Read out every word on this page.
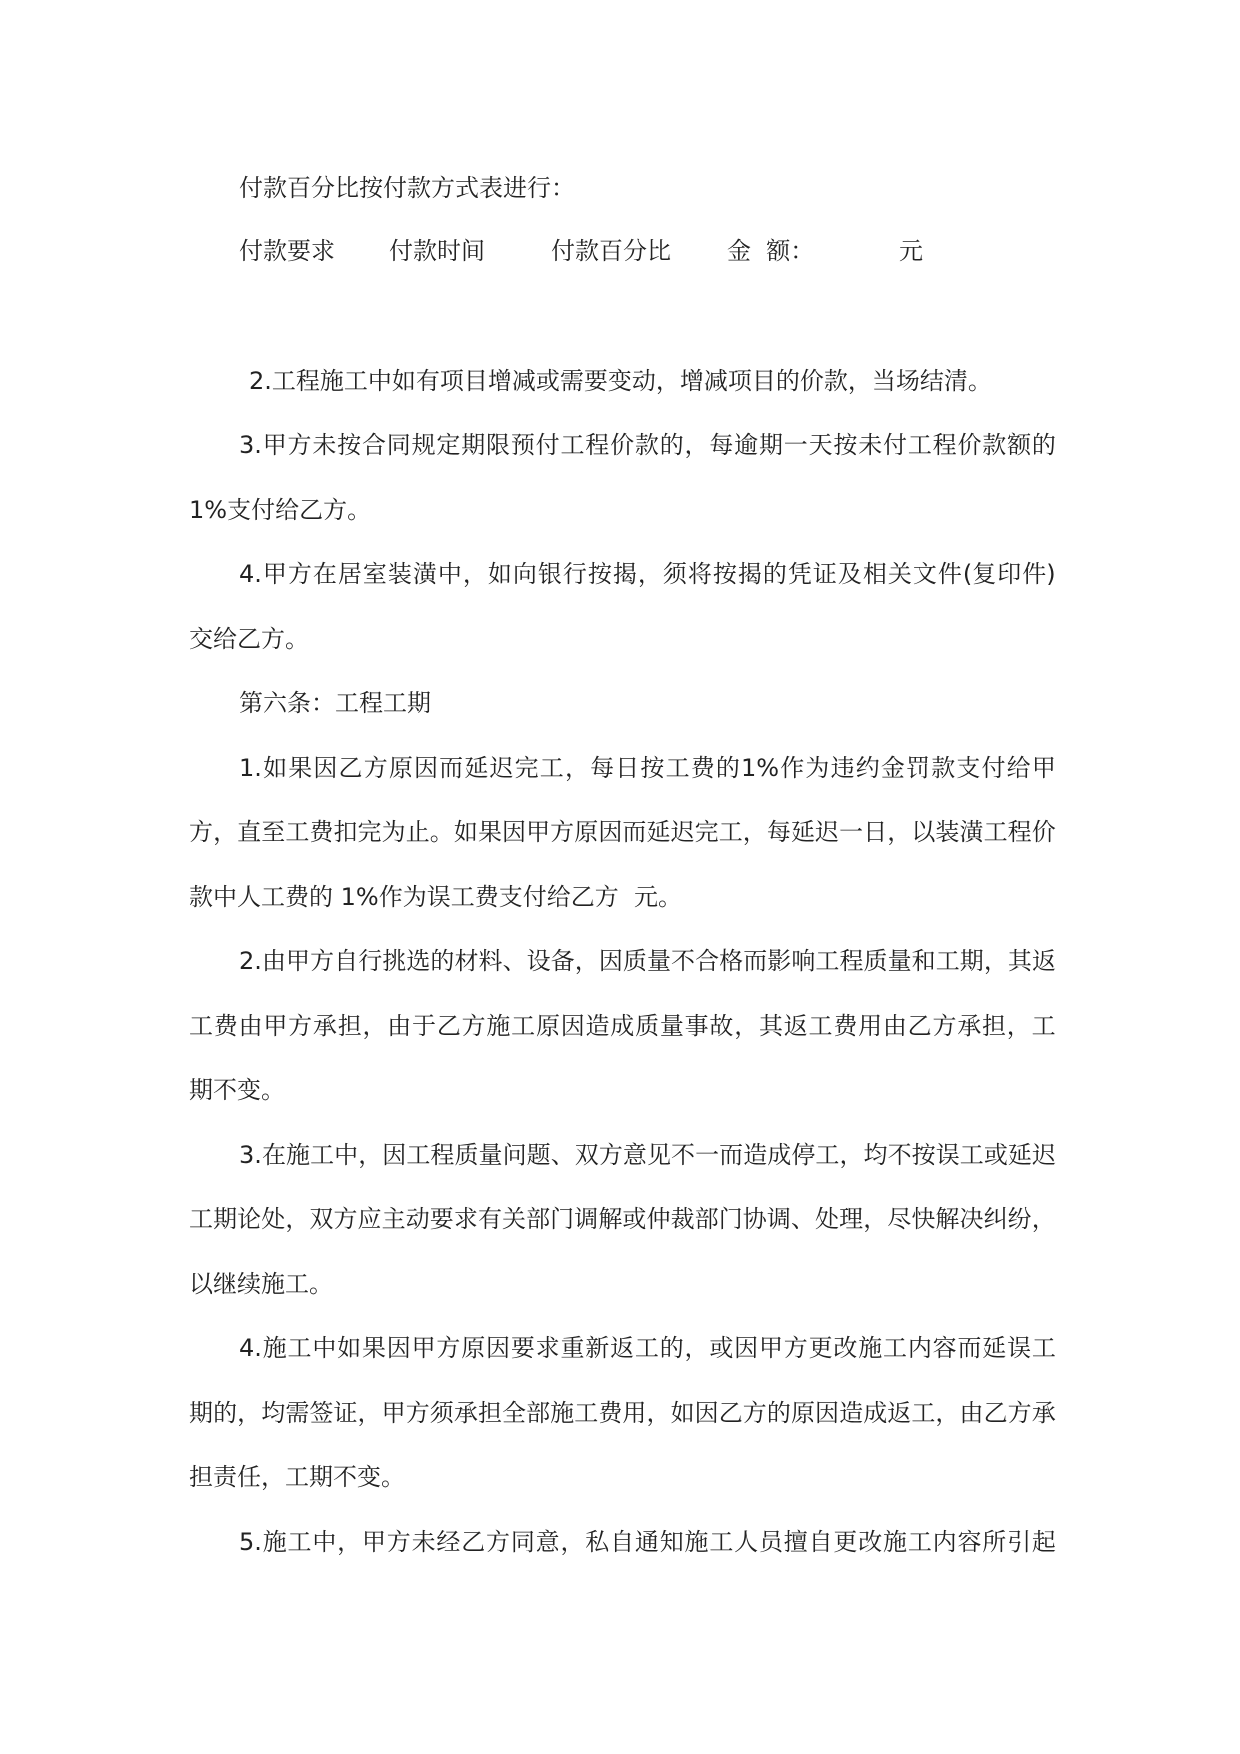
付款百分比按付款方式表进行：
付款要求 付款时间	付款百分比 金  额：	元
2.工程施工中如有项目增减或需要变动，增减项目的价款，当场结清。
3. 甲 方 未 按 合 同 规 定 期 限 预 付 工 程 价 款 的 ， 每 逾 期 一 天 按 未 付 工 程 价 款 额 的
1%支付给乙方。
4. 甲 方 在 居 室 装 潢 中 ， 如 向 银 行 按 揭 ， 须 将 按 揭 的 凭 证 及 相 关 文 件 (复 印 件)
交给乙方。
第六条：工程工期
1. 如 果 因 乙 方 原 因 而 延 迟 完 工 ， 每 日 按 工 费 的 1% 作 为 违 约 金 罚 款 支 付 给 甲
方 ， 直 至 工 费 扣 完 为 止 。 如 果 因 甲 方 原 因 而 延 迟 完 工 ， 每 延 迟 一 日 ， 以 装 潢 工 程 价
款中人工费的 1%作为误工费支付给乙方  元。
2. 由 甲 方 自 行 挑 选 的 材 料 、 设 备 ， 因 质 量 不 合 格 而 影 响 工 程 质 量 和 工 期 ， 其 返
工 费 由 甲 方 承 担 ， 由 于 乙 方 施 工 原 因 造 成 质 量 事 故 ， 其 返 工 费 用 由 乙 方 承 担 ， 工
期不变。
3. 在 施 工 中 ， 因 工 程 质 量 问 题 、 双 方 意 见 不 一 而 造 成 停 工 ， 均 不 按 误 工 或 延 迟
工 期 论 处 ， 双 方 应 主 动 要 求 有 关 部 门 调 解 或 仲 裁 部 门 协 调 、 处 理 ， 尽 快 解 决 纠 纷 ，
以继续施工。
4. 施 工 中 如 果 因 甲 方 原 因 要 求 重 新 返 工 的 ， 或 因 甲 方 更 改 施 工 内 容 而 延 误 工
期 的 ， 均 需 签 证 ， 甲 方 须 承 担 全 部 施 工 费 用 ， 如 因 乙 方 的 原 因 造 成 返 工 ， 由 乙 方 承
担责任，工期不变。
5. 施 工 中 ， 甲 方 未 经 乙 方 同 意 ， 私 自 通 知 施 工 人 员 擅 自 更 改 施 工 内 容 所 引 起
